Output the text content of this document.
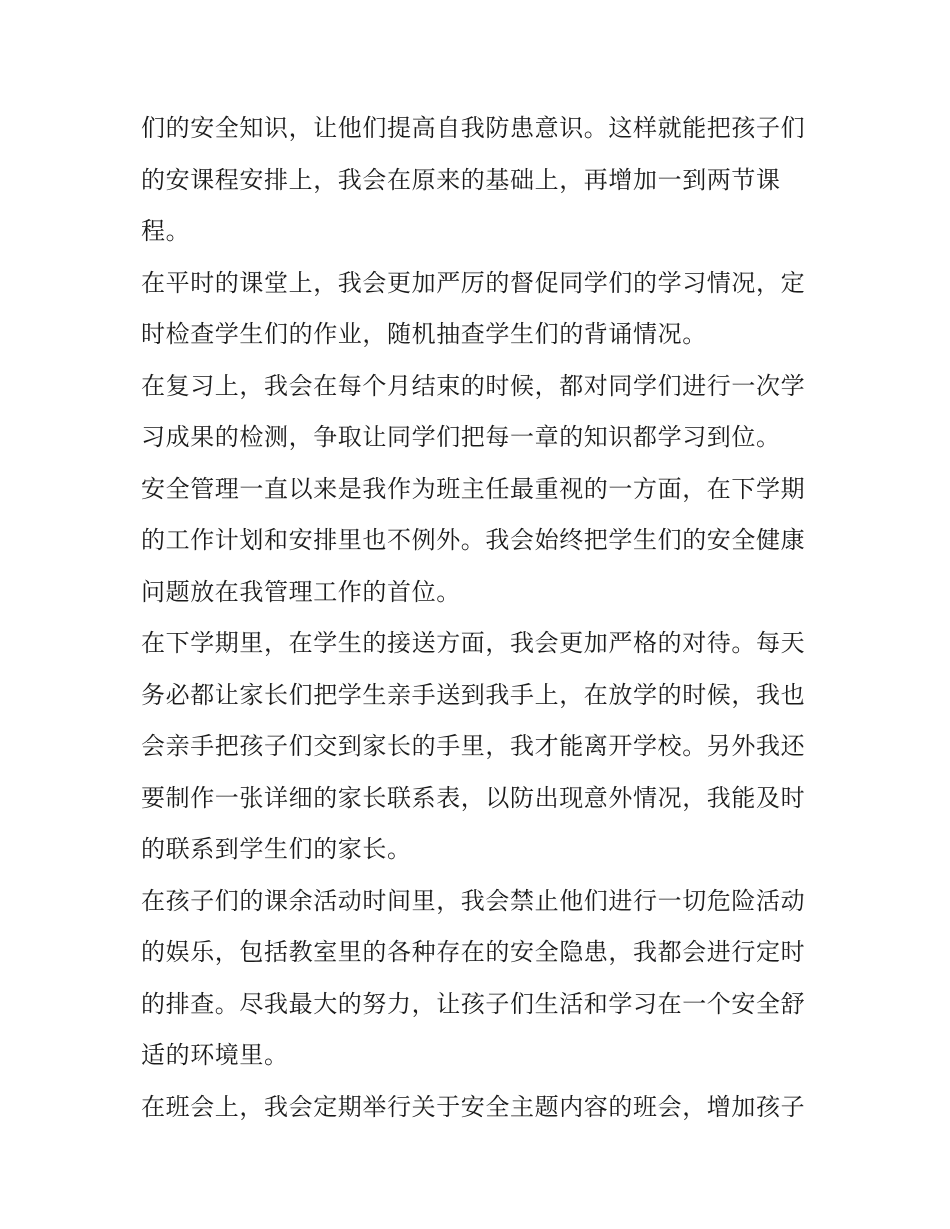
们的安全知识，让他们提高自我防患意识。这样就能把孩子们
的安课程安排上，我会在原来的基础上，再增加一到两节课
程。
在平时的课堂上，我会更加严厉的督促同学们的学习情况，定
时检查学生们的作业，随机抽查学生们的背诵情况。
在复习上，我会在每个月结束的时候，都对同学们进行一次学
习成果的检测，争取让同学们把每一章的知识都学习到位。
安全管理一直以来是我作为班主任最重视的一方面，在下学期
的工作计划和安排里也不例外。我会始终把学生们的安全健康
问题放在我管理工作的首位。
在下学期里，在学生的接送方面，我会更加严格的对待。每天
务必都让家长们把学生亲手送到我手上，在放学的时候，我也
会亲手把孩子们交到家长的手里，我才能离开学校。另外我还
要制作一张详细的家长联系表，以防出现意外情况，我能及时
的联系到学生们的家长。
在孩子们的课余活动时间里，我会禁止他们进行一切危险活动
的娱乐，包括教室里的各种存在的安全隐患，我都会进行定时
的排查。尽我最大的努力，让孩子们生活和学习在一个安全舒
适的环境里。
在班会上，我会定期举行关于安全主题内容的班会，增加孩子
